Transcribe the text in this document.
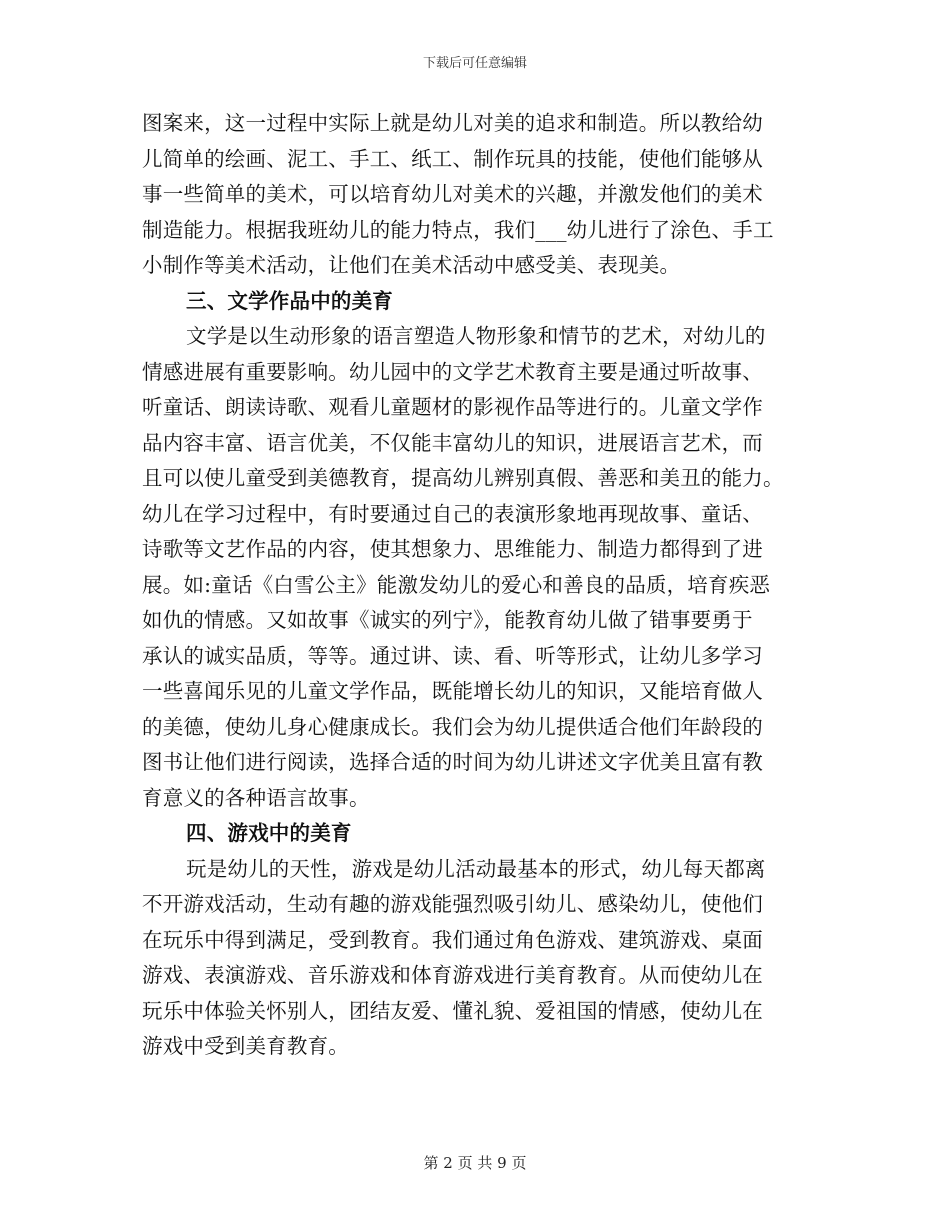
下载后可任意编辑
图案来，这一过程中实际上就是幼儿对美的追求和制造。所以教给幼
儿简单的绘画、泥工、手工、纸工、制作玩具的技能，使他们能够从
事一些简单的美术，可以培育幼儿对美术的兴趣，并激发他们的美术
制造能力。根据我班幼儿的能力特点，我们___幼儿进行了涂色、手工
小制作等美术活动，让他们在美术活动中感受美、表现美。
三、文学作品中的美育
文学是以生动形象的语言塑造人物形象和情节的艺术，对幼儿的
情感进展有重要影响。幼儿园中的文学艺术教育主要是通过听故事、
听童话、朗读诗歌、观看儿童题材的影视作品等进行的。儿童文学作
品内容丰富、语言优美，不仅能丰富幼儿的知识，进展语言艺术，而
且可以使儿童受到美德教育，提高幼儿辨别真假、善恶和美丑的能力。
幼儿在学习过程中，有时要通过自己的表演形象地再现故事、童话、
诗歌等文艺作品的内容，使其想象力、思维能力、制造力都得到了进
展。如:童话《白雪公主》能激发幼儿的爱心和善良的品质，培育疾恶
如仇的情感。又如故事《诚实的列宁》，能教育幼儿做了错事要勇于
承认的诚实品质，等等。通过讲、读、看、听等形式，让幼儿多学习
一些喜闻乐见的儿童文学作品，既能增长幼儿的知识，又能培育做人
的美德，使幼儿身心健康成长。我们会为幼儿提供适合他们年龄段的
图书让他们进行阅读，选择合适的时间为幼儿讲述文字优美且富有教
育意义的各种语言故事。
四、游戏中的美育
玩是幼儿的天性，游戏是幼儿活动最基本的形式，幼儿每天都离
不开游戏活动，生动有趣的游戏能强烈吸引幼儿、感染幼儿，使他们
在玩乐中得到满足，受到教育。我们通过角色游戏、建筑游戏、桌面
游戏、表演游戏、音乐游戏和体育游戏进行美育教育。从而使幼儿在
玩乐中体验关怀别人，团结友爱、懂礼貌、爱祖国的情感，使幼儿在
游戏中受到美育教育。
第 2 页 共 9 页
